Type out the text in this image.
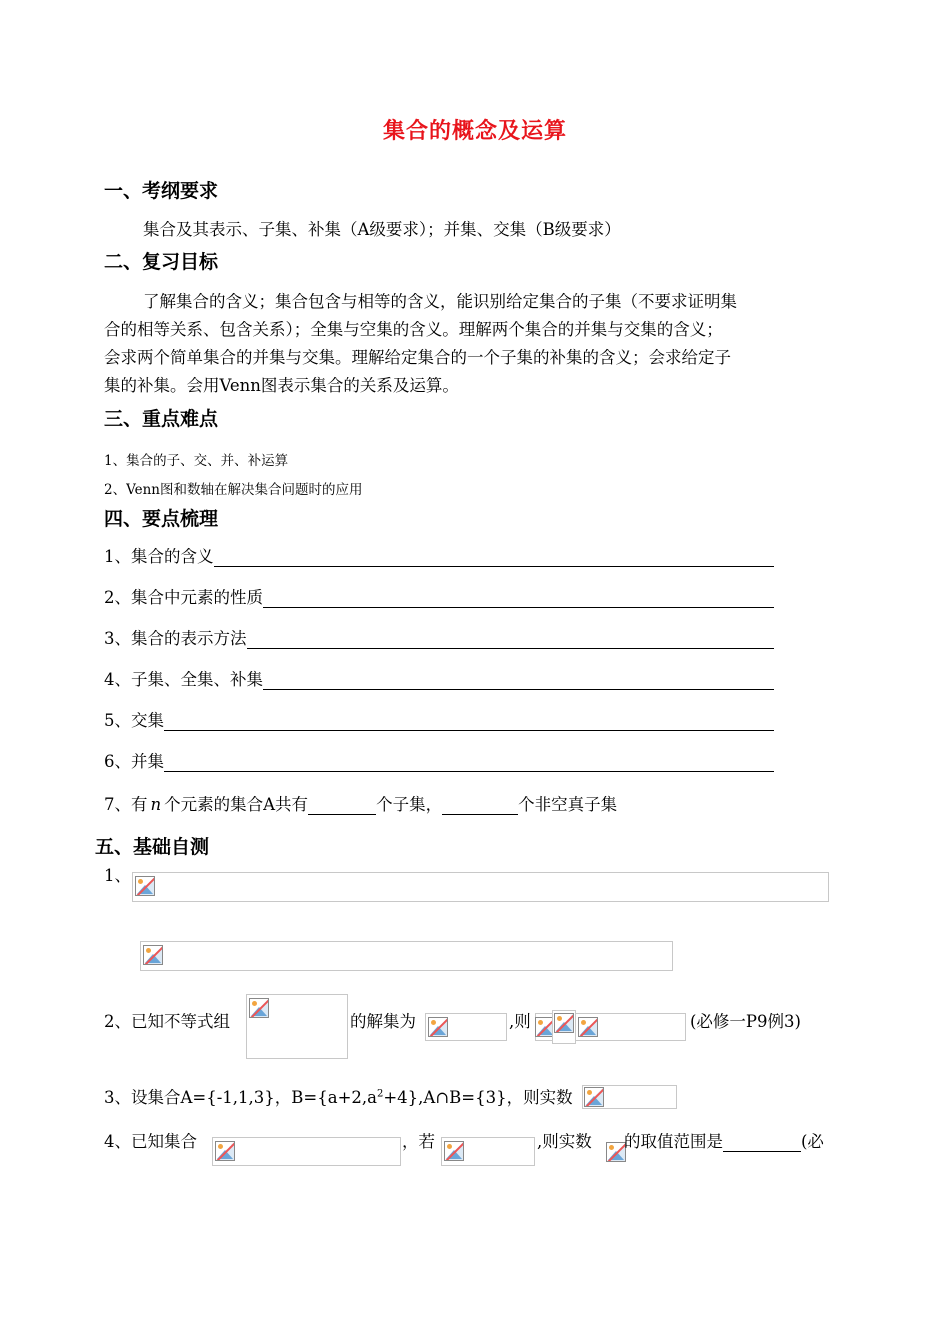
集合的概念及运算
一、考纲要求
集合及其表示、子集、补集（A级要求）；并集、交集（B级要求）
二、复习目标
了解集合的含义；集合包含与相等的含义，能识别给定集合的子集（不要求证明集
合的相等关系、包含关系）；全集与空集的含义。理解两个集合的并集与交集的含义；
会求两个简单集合的并集与交集。理解给定集合的一个子集的补集的含义；会求给定子
集的补集。会用Venn图表示集合的关系及运算。
三、重点难点
1、集合的子、交、并、补运算
2、Venn图和数轴在解决集合问题时的应用
四、要点梳理
1、集合的含义
2、集合中元素的性质
3、集合的表示方法
4、子集、全集、补集
5、交集
6、并集
7、有 n 个元素的集合A共有	个子集，	个非空真子集
五、基础自测
1、
2、已知不等式组	的解集为	,则	(必修一P9例3)
3、设集合A={-1,1,3}，$B=\{a+2,a^2+4\},A\cap B=\{3\}$，则实数
4、已知集合	，若	,则实数 的取值范围是	(必
